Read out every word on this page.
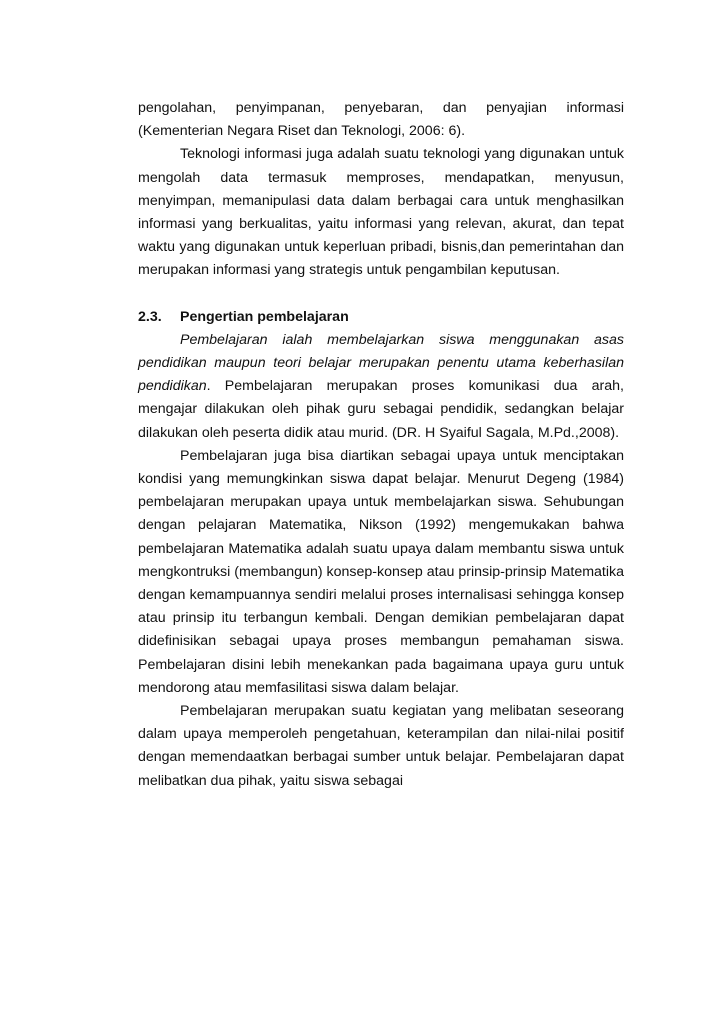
pengolahan, penyimpanan, penyebaran, dan penyajian informasi (Kementerian Negara Riset dan Teknologi, 2006: 6).

Teknologi informasi juga adalah suatu teknologi yang digunakan untuk mengolah data termasuk memproses, mendapatkan, menyusun, menyimpan, memanipulasi data dalam berbagai cara untuk menghasilkan informasi yang berkualitas, yaitu informasi yang relevan, akurat, dan tepat waktu yang digunakan untuk keperluan pribadi, bisnis,dan pemerintahan dan merupakan informasi yang strategis untuk pengambilan keputusan.

2.3. Pengertian pembelajaran

Pembelajaran ialah membelajarkan siswa menggunakan asas pendidikan maupun teori belajar merupakan penentu utama keberhasilan pendidikan. Pembelajaran merupakan proses komunikasi dua arah, mengajar dilakukan oleh pihak guru sebagai pendidik, sedangkan belajar dilakukan oleh peserta didik atau murid. (DR. H Syaiful Sagala, M.Pd.,2008).

Pembelajaran juga bisa diartikan sebagai upaya untuk menciptakan kondisi yang memungkinkan siswa dapat belajar. Menurut Degeng (1984) pembelajaran merupakan upaya untuk membelajarkan siswa. Sehubungan dengan pelajaran Matematika, Nikson (1992) mengemukakan bahwa pembelajaran Matematika adalah suatu upaya dalam membantu siswa untuk mengkontruksi (membangun) konsep-konsep atau prinsip-prinsip Matematika dengan kemampuannya sendiri melalui proses internalisasi sehingga konsep atau prinsip itu terbangun kembali. Dengan demikian pembelajaran dapat didefinisikan sebagai upaya proses membangun pemahaman siswa. Pembelajaran disini lebih menekankan pada bagaimana upaya guru untuk mendorong atau memfasilitasi siswa dalam belajar.

Pembelajaran merupakan suatu kegiatan yang melibatan seseorang dalam upaya memperoleh pengetahuan, keterampilan dan nilai-nilai positif dengan memendaatkan berbagai sumber untuk belajar. Pembelajaran dapat melibatkan dua pihak, yaitu siswa sebagai
